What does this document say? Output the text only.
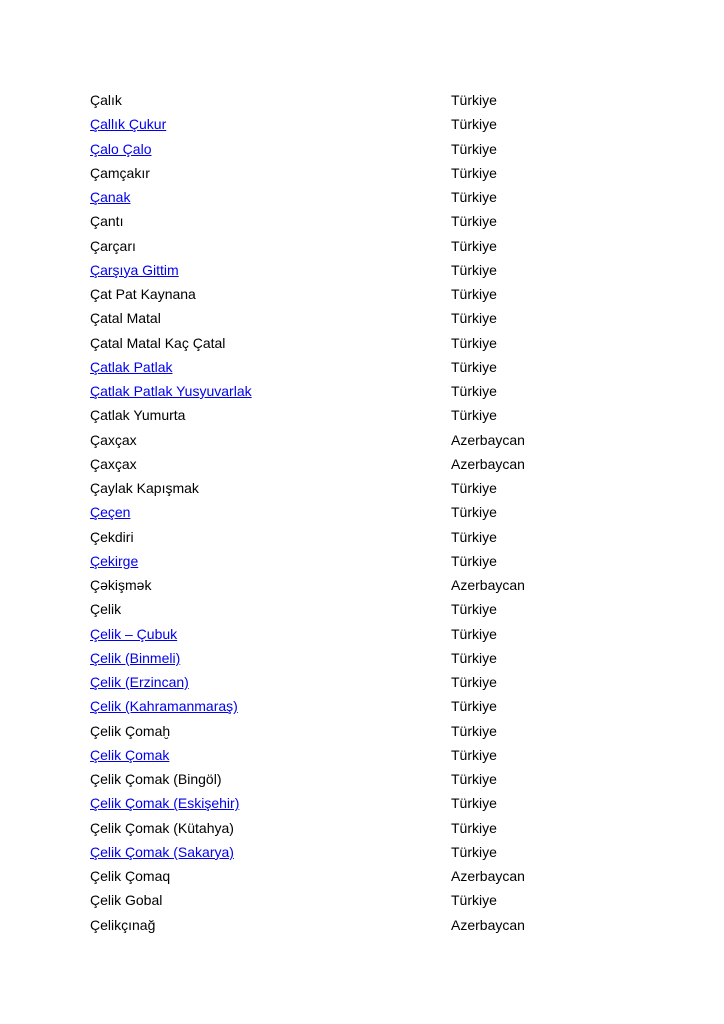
Çalık	Türkiye
Çallık Çukur	Türkiye
Çalo Çalo	Türkiye
Çamçakır	Türkiye
Çanak	Türkiye
Çantı	Türkiye
Çarçarı	Türkiye
Çarşıya Gittim	Türkiye
Çat Pat Kaynana	Türkiye
Çatal Matal	Türkiye
Çatal Matal Kaç Çatal	Türkiye
Çatlak Patlak	Türkiye
Çatlak Patlak Yusyuvarlak	Türkiye
Çatlak Yumurta	Türkiye
Çaxçax	Azerbaycan
Çaxçax	Azerbaycan
Çaylak Kapışmak	Türkiye
Çeçen	Türkiye
Çekdiri	Türkiye
Çekirge	Türkiye
Çəkişmək	Azerbaycan
Çelik	Türkiye
Çelik – Çubuk	Türkiye
Çelik (Binmeli)	Türkiye
Çelik (Erzincan)	Türkiye
Çelik (Kahramanmaraş)	Türkiye
Çelik Çomaḫ	Türkiye
Çelik Çomak	Türkiye
Çelik Çomak (Bingöl)	Türkiye
Çelik Çomak (Eskişehir)	Türkiye
Çelik Çomak (Kütahya)	Türkiye
Çelik Çomak (Sakarya)	Türkiye
Çelik Çomaq	Azerbaycan
Çelik Gobal	Türkiye
Çelikçınağ	Azerbaycan
